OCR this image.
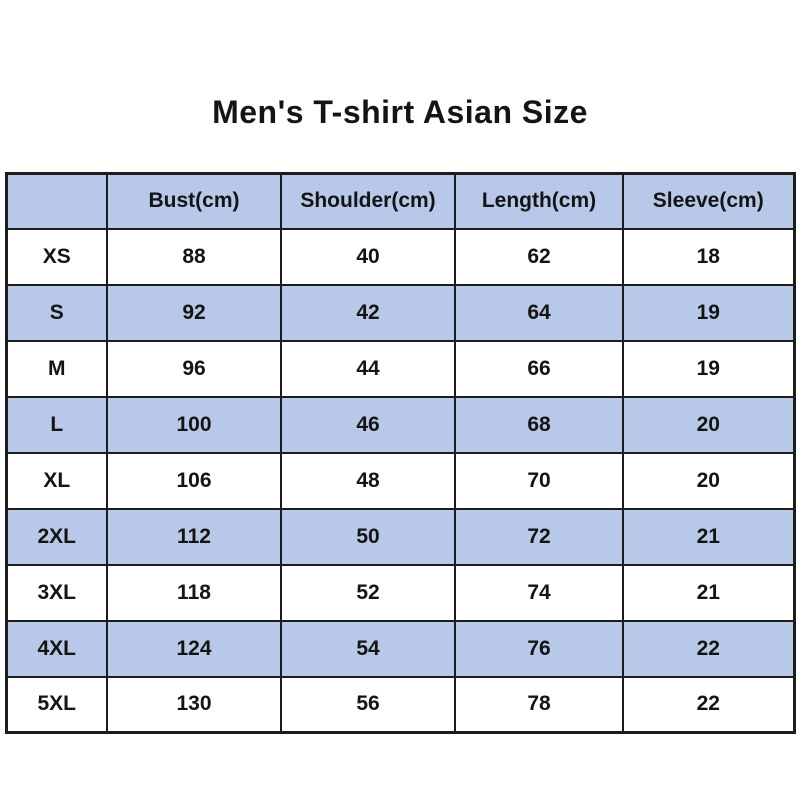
Men's T-shirt Asian Size
	Bust(cm)	Shoulder(cm)	Length(cm)	Sleeve(cm)
XS	88	40	62	18
S	92	42	64	19
M	96	44	66	19
L	100	46	68	20
XL	106	48	70	20
2XL	112	50	72	21
3XL	118	52	74	21
4XL	124	54	76	22
5XL	130	56	78	22
